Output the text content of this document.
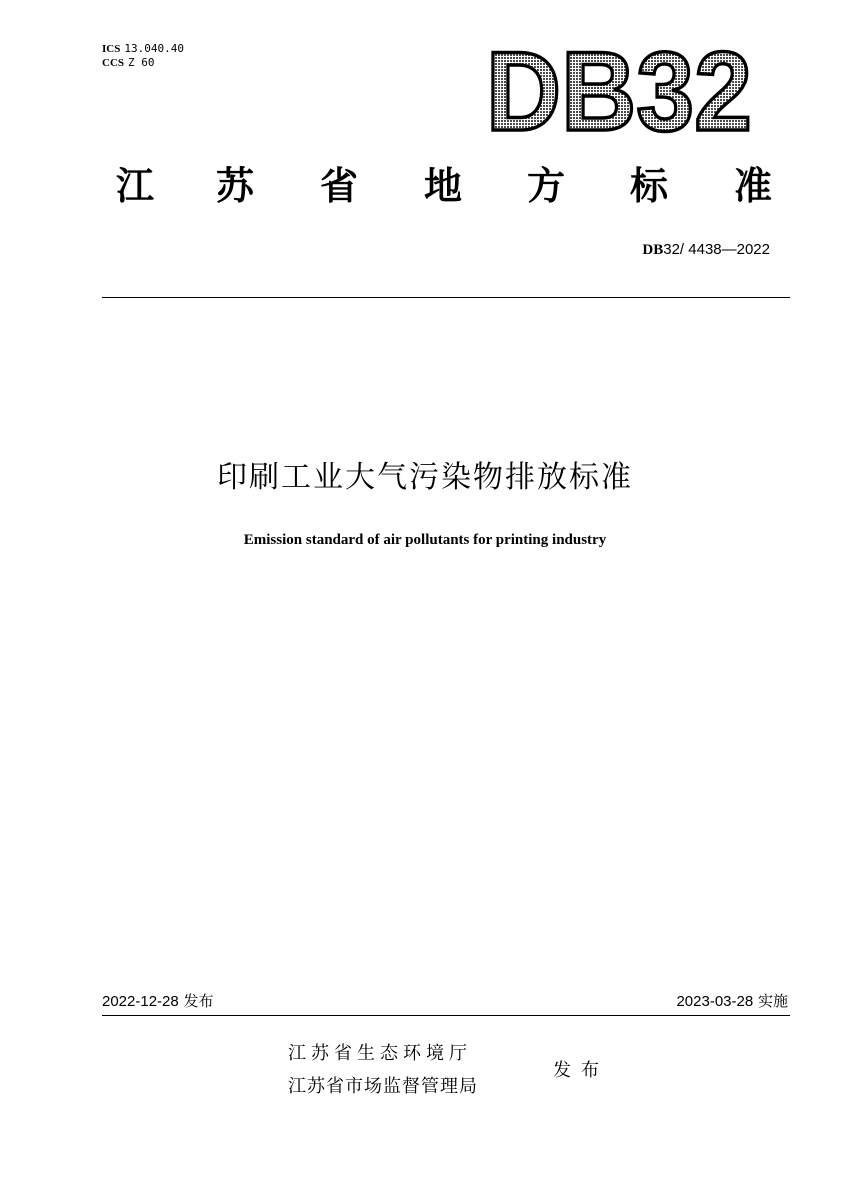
ICS 13.040.40
CCS Z 60	DB32
江 苏 省 地 方 标 准
DB32/ 4438—2022
印刷工业大气污染物排放标准
Emission standard of air pollutants for printing industry
2022-12-28 发布	2023-03-28 实施
江苏省生态环境厅
江苏省市场监督管理局
发布
